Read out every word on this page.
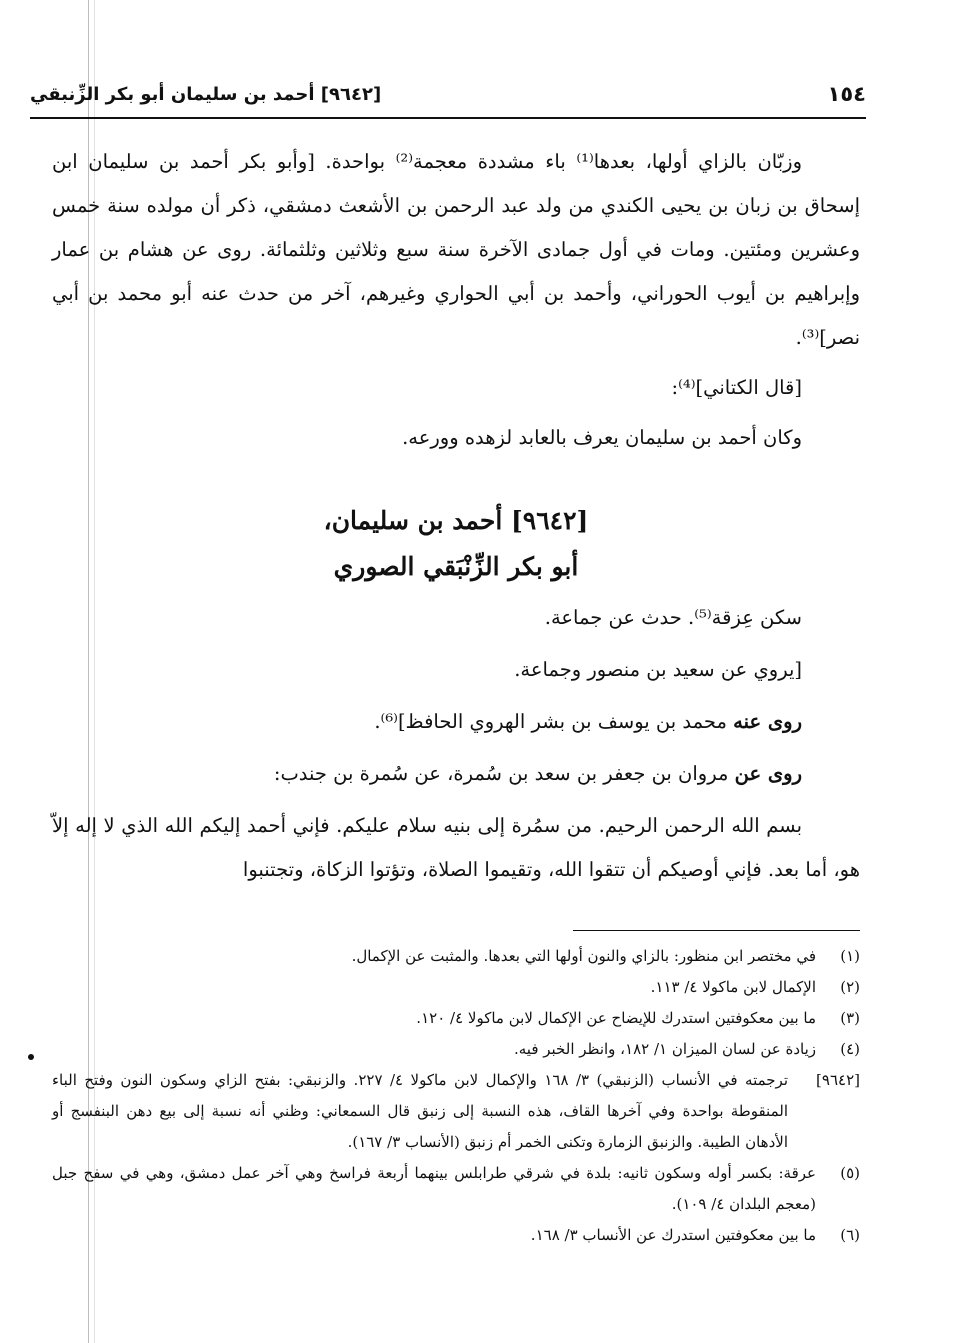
١٥٤
[٩٦٤٢] أحمد بن سليمان أبو بكر الزِّنبقي

وزبّان بالزاي أولها، بعدها⁽¹⁾ باء مشددة معجمة⁽²⁾ بواحدة. [وأبو بكر أحمد بن سليمان ابن إسحاق بن زبان بن يحيى الكندي من ولد عبد الرحمن بن الأشعث دمشقي، ذكر أن مولده سنة خمس وعشرين ومئتين. ومات في أول جمادى الآخرة سنة سبع وثلاثين وثلثمائة. روى عن هشام بن عمار وإبراهيم بن أيوب الحوراني، وأحمد بن أبي الحواري وغيرهم، آخر من حدث عنه أبو محمد بن أبي نصر]⁽³⁾.

[قال الكتاني]⁽⁴⁾:

وكان أحمد بن سليمان يعرف بالعابد لزهده وورعه.

[٩٦٤٢] أحمد بن سليمان،
أبو بكر الزِّنْبَقي الصوري

سكن عِزقة⁽⁵⁾. حدث عن جماعة.

[يروي عن سعيد بن منصور وجماعة.

روى عنه محمد بن يوسف بن بشر الهروي الحافظ]⁽⁶⁾.

روى عن مروان بن جعفر بن سعد بن سُمرة، عن سُمرة بن جندب:

بسم الله الرحمن الرحيم. من سمُرة إلى بنيه سلام عليكم. فإني أحمد إليكم الله الذي لا إله إلاّ هو، أما بعد. فإني أوصيكم أن تتقوا الله، وتقيموا الصلاة، وتؤتوا الزكاة، وتجتنبوا

(١)
في مختصر ابن منظور: بالزاي والنون أولها التي بعدها. والمثبت عن الإكمال.
(٢)
الإكمال لابن ماكولا ٤/ ١١٣.
(٣)
ما بين معكوفتين استدرك للإيضاح عن الإكمال لابن ماكولا ٤/ ١٢٠.
(٤)
زيادة عن لسان الميزان ١/ ١٨٢، وانظر الخبر فيه.
[٩٦٤٢]
ترجمته في الأنساب (الزنبقي) ٣/ ١٦٨ والإكمال لابن ماكولا ٤/ ٢٢٧. والزنبقي: بفتح الزاي وسكون النون وفتح الباء المنقوطة بواحدة وفي آخرها القاف، هذه النسبة إلى زنبق قال السمعاني: وظني أنه نسبة إلى بيع دهن البنفسج أو الأدهان الطيبة. والزنبق الزمارة وتكنى الخمر أم زنبق (الأنساب ٣/ ١٦٧).
(٥)
عرقة: بكسر أوله وسكون ثانيه: بلدة في شرقي طرابلس بينهما أربعة فراسخ وهي آخر عمل دمشق، وهي في سفح جبل (معجم البلدان ٤/ ١٠٩).
(٦)
ما بين معكوفتين استدرك عن الأنساب ٣/ ١٦٨.
